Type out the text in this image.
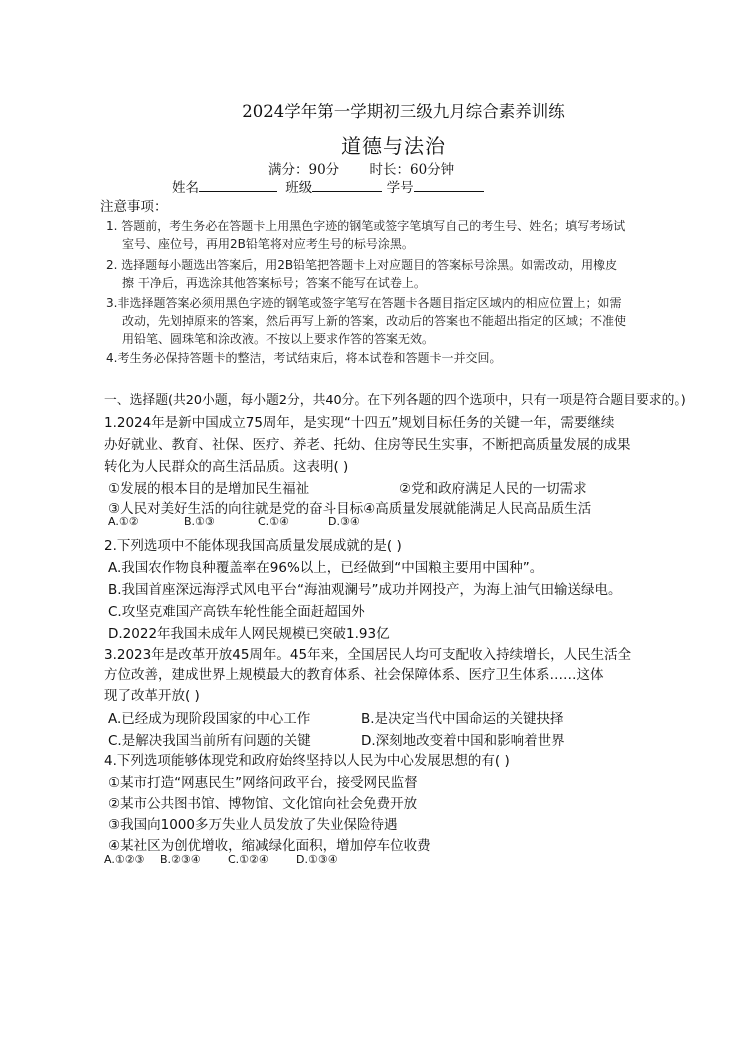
2024学年第一学期初三级九月综合素养训练
道德与法治
满分：90分 时长：60分钟
姓名	班级	学号
注意事项：
1. 答题前，考生务必在答题卡上用黑色字迹的钢笔或签字笔填写自己的考生号、姓名；填写考场试
室号、座位号，再用2B铅笔将对应考生号的标号涂黑。
2. 选择题每小题选出答案后，用2B铅笔把答题卡上对应题目的答案标号涂黑。如需改动，用橡皮
擦 干净后，再选涂其他答案标号；答案不能写在试卷上。
3.非选择题答案必须用黑色字迹的钢笔或签字笔写在答题卡各题目指定区域内的相应位置上；如需
改动，先划掉原来的答案，然后再写上新的答案，改动后的答案也不能超出指定的区域；不准使
用铅笔、圆珠笔和涂改液。不按以上要求作答的答案无效。
4.考生务必保持答题卡的整洁，考试结束后，将本试卷和答题卡一并交回。
一、选择题(共20小题，每小题2分，共40分。在下列各题的四个选项中，只有一项是符合题目要求的。)
1.2024年是新中国成立75周年，是实现“十四五”规划目标任务的关键一年，需要继续
办好就业、教育、社保、医疗、养老、托幼、住房等民生实事，不断把高质量发展的成果
转化为人民群众的高生活品质。这表明( )
①发展的根本目的是增加民生福祉	②党和政府满足人民的一切需求
③人民对美好生活的向往就是党的奋斗目标④高质量发展就能满足人民高品质生活
A.①②	B.①③	C.①④	D.③④
2.下列选项中不能体现我国高质量发展成就的是( )
A.我国农作物良种覆盖率在96%以上，已经做到“中国粮主要用中国种”。
B.我国首座深远海浮式风电平台“海油观澜号”成功并网投产，为海上油气田输送绿电。
C.攻坚克难国产高铁车轮性能全面赶超国外
D.2022年我国未成年人网民规模已突破1.93亿
3.2023年是改革开放45周年。45年来，全国居民人均可支配收入持续增长，人民生活全
方位改善，建成世界上规模最大的教育体系、社会保障体系、医疗卫生体系……这体
现了改革开放( )
A.已经成为现阶段国家的中心工作	B.是决定当代中国命运的关键抉择
C.是解决我国当前所有问题的关键	D.深刻地改变着中国和影响着世界
4.下列选项能够体现党和政府始终坚持以人民为中心发展思想的有( )
①某市打造“网惠民生”网络问政平台，接受网民监督
②某市公共图书馆、博物馆、文化馆向社会免费开放
③我国向1000多万失业人员发放了失业保险待遇
④某社区为创优增收，缩减绿化面积，增加停车位收费
A.①②③ B.②③④ C.①②④ D.①③④
